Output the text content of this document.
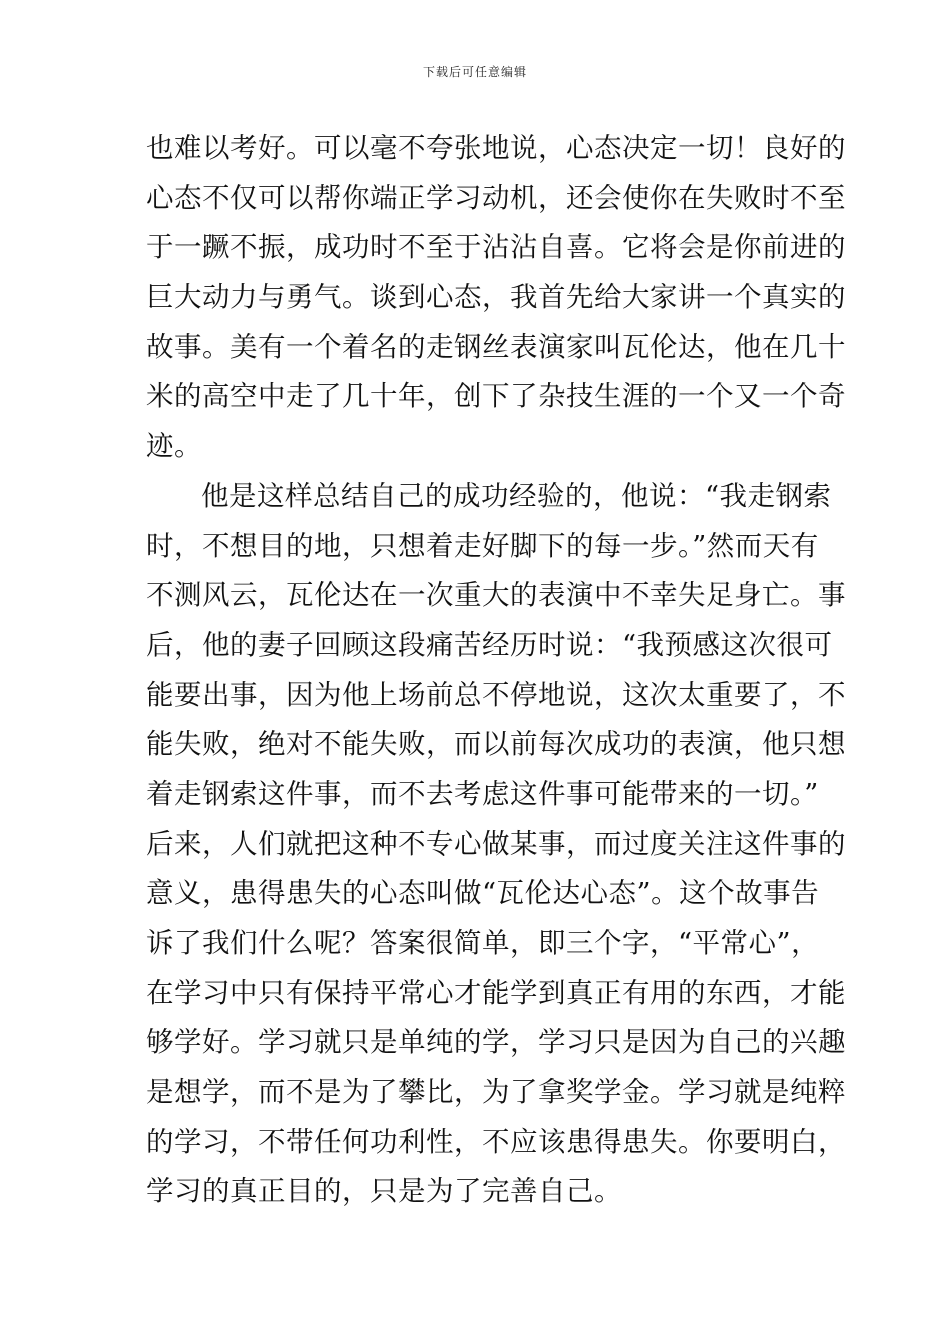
下载后可任意编辑
也难以考好。可以毫不夸张地说，心态决定一切！良好的
心态不仅可以帮你端正学习动机，还会使你在失败时不至
于一蹶不振，成功时不至于沾沾自喜。它将会是你前进的
巨大动力与勇气。谈到心态，我首先给大家讲一个真实的
故事。美有一个着名的走钢丝表演家叫瓦伦达，他在几十
米的高空中走了几十年，创下了杂技生涯的一个又一个奇
迹。
他是这样总结自己的成功经验的，他说：“我走钢索
时，不想目的地，只想着走好脚下的每一步。”然而天有
不测风云，瓦伦达在一次重大的表演中不幸失足身亡。事
后，他的妻子回顾这段痛苦经历时说：“我预感这次很可
能要出事，因为他上场前总不停地说，这次太重要了，不
能失败，绝对不能失败，而以前每次成功的表演，他只想
着走钢索这件事，而不去考虑这件事可能带来的一切。”
后来，人们就把这种不专心做某事，而过度关注这件事的
意义，患得患失的心态叫做“瓦伦达心态”。这个故事告
诉了我们什么呢？答案很简单，即三个字，“平常心”，
在学习中只有保持平常心才能学到真正有用的东西，才能
够学好。学习就只是单纯的学，学习只是因为自己的兴趣
是想学，而不是为了攀比，为了拿奖学金。学习就是纯粹
的学习，不带任何功利性，不应该患得患失。你要明白，
学习的真正目的，只是为了完善自己。
